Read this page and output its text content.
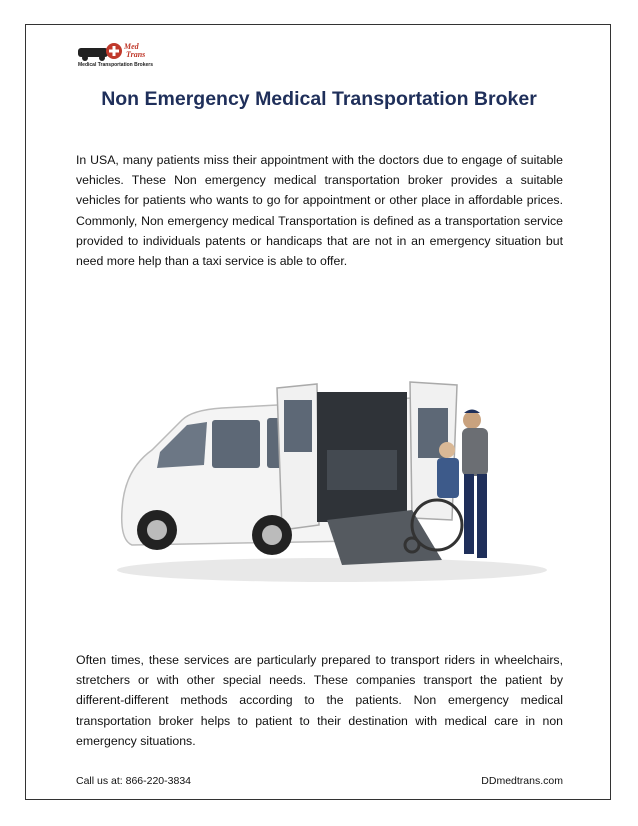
Med
Trans
Medical Transportation Brokers
Non Emergency Medical Transportation Broker

In USA, many patients miss their appointment with the doctors due to engage of suitable vehicles. These Non emergency medical transportation broker provides a suitable vehicles for patients who wants to go for appointment or other place in affordable prices. Commonly, Non emergency medical Transportation is defined as a transportation service provided to individuals patents or handicaps that are not in an emergency situation but need more help than a taxi service is able to offer.

Often times, these services are particularly prepared to transport riders in wheelchairs, stretchers or with other special needs. These companies transport the patient by different-different methods according to the patients. Non emergency medical transportation broker helps to patient to their destination with medical care in non emergency situations.

Call us at: 866-220-3834	DDmedtrans.com
